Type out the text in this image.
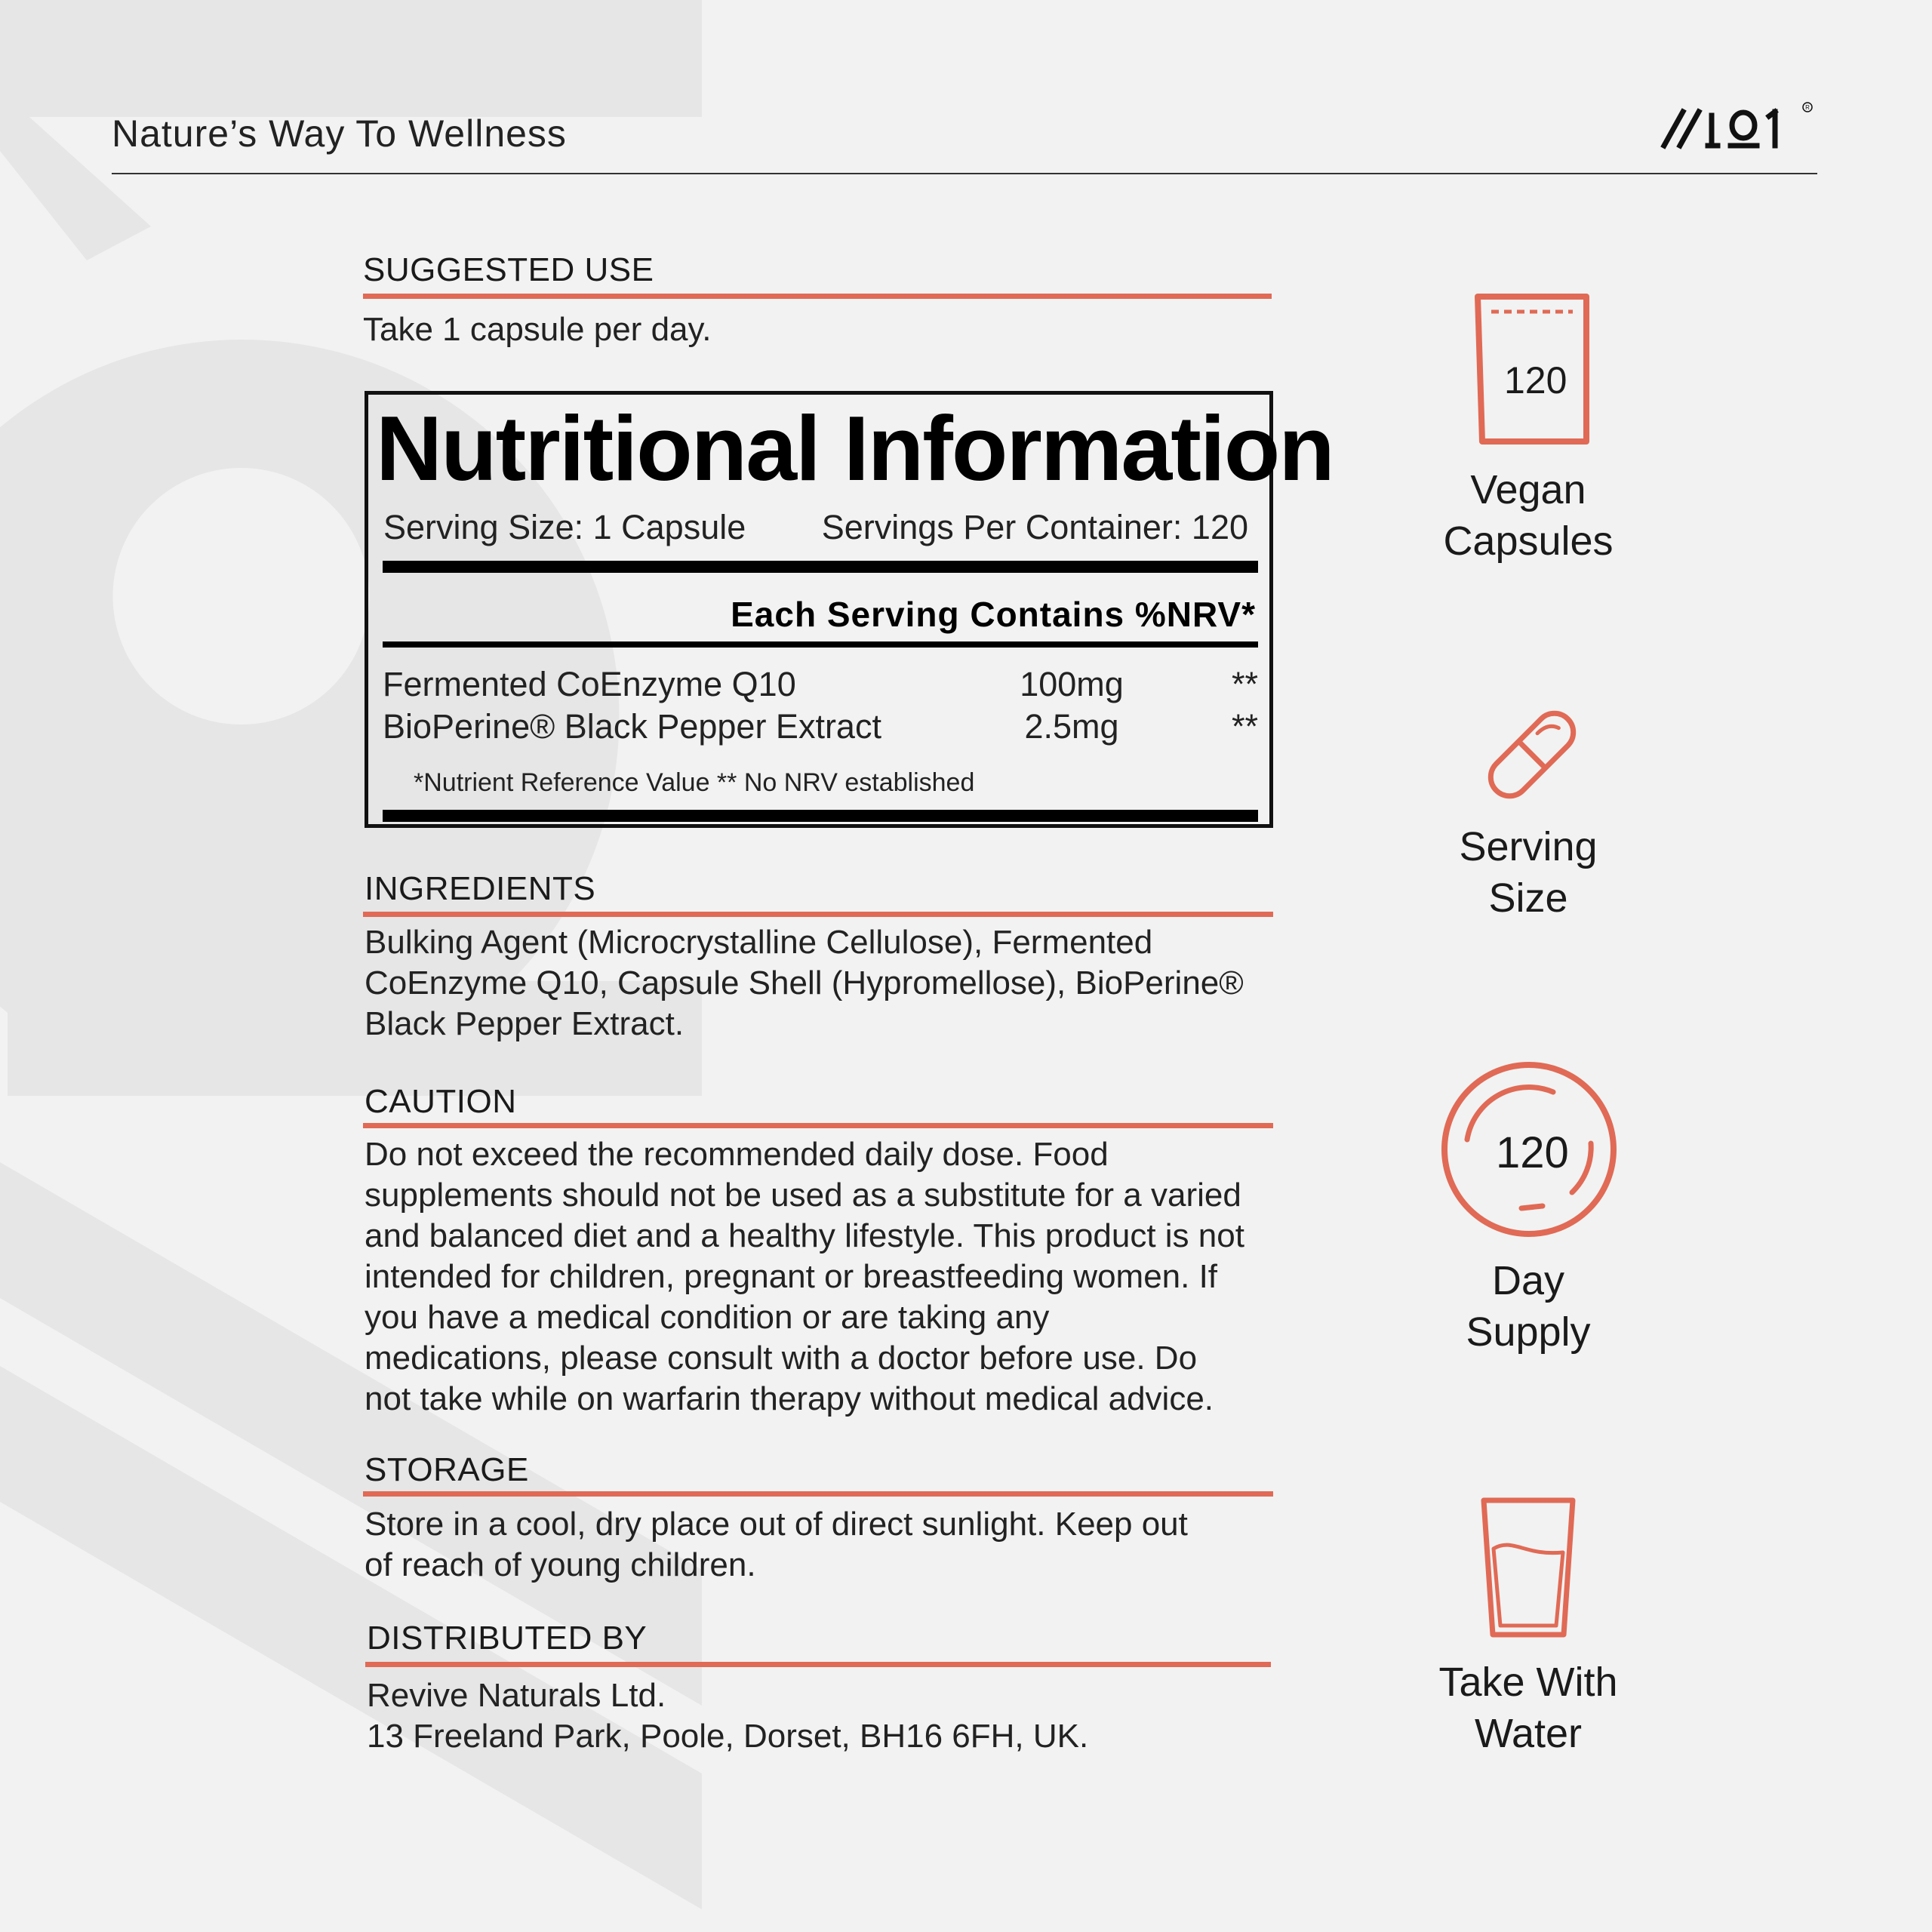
Nature’s Way To Wellness
R
SUGGESTED USE
Take 1 capsule per day.
Nutritional Information
Serving Size: 1 Capsule Servings Per Container: 120
Each Serving Contains %NRV*
Fermented CoEnzyme Q10	100mg	**
BioPerine® Black Pepper Extract	2.5mg	**
*Nutrient Reference Value ** No NRV established
INGREDIENTS
Bulking Agent (Microcrystalline Cellulose), Fermented
CoEnzyme Q10, Capsule Shell (Hypromellose), BioPerine®
Black Pepper Extract.
CAUTION
Do not exceed the recommended daily dose. Food
supplements should not be used as a substitute for a varied
and balanced diet and a healthy lifestyle. This product is not
intended for children, pregnant or breastfeeding women. If
you have a medical condition or are taking any
medications, please consult with a doctor before use. Do
not take while on warfarin therapy without medical advice.
STORAGE
Store in a cool, dry place out of direct sunlight. Keep out
of reach of young children.
DISTRIBUTED BY
Revive Naturals Ltd.
13 Freeland Park, Poole, Dorset, BH16 6FH, UK.
120
Vegan
Capsules
Serving
Size
120
Day
Supply
Take With
Water
